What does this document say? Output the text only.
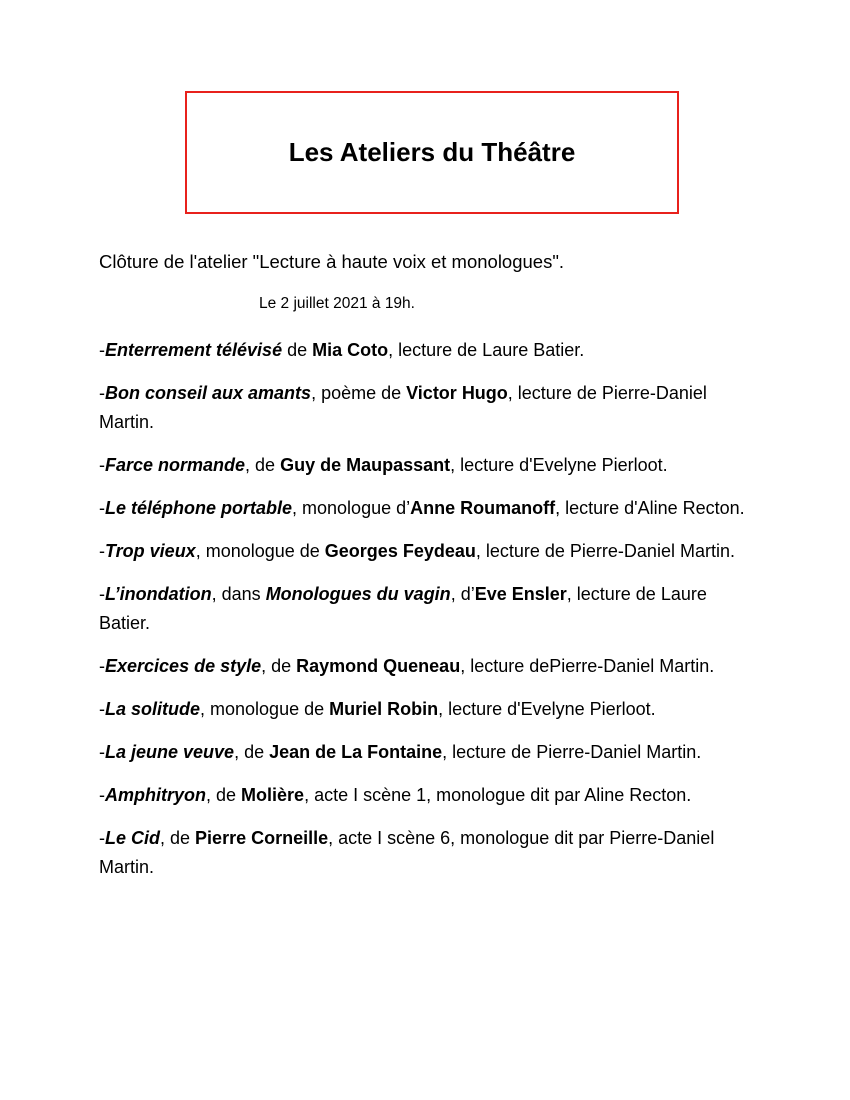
Les Ateliers du Théâtre

Clôture de l'atelier "Lecture à haute voix et monologues".

Le 2 juillet 2021 à 19h.

-Enterrement télévisé de Mia Coto, lecture de Laure Batier.
-Bon conseil aux amants, poème de Victor Hugo, lecture de Pierre-Daniel Martin.
-Farce normande, de Guy de Maupassant, lecture d'Evelyne Pierloot.
-Le téléphone portable, monologue d’Anne Roumanoff, lecture d'Aline Recton.
-Trop vieux, monologue de Georges Feydeau, lecture de Pierre-Daniel Martin.
-L’inondation, dans Monologues du vagin, d’Eve Ensler, lecture de Laure Batier.
-Exercices de style, de Raymond Queneau, lecture dePierre-Daniel Martin.
-La solitude, monologue de Muriel Robin, lecture d'Evelyne Pierloot.
-La jeune veuve, de Jean de La Fontaine, lecture de Pierre-Daniel Martin.
-Amphitryon, de Molière, acte I scène 1, monologue dit par Aline Recton.
-Le Cid, de Pierre Corneille, acte I scène 6, monologue dit par Pierre-Daniel Martin.
